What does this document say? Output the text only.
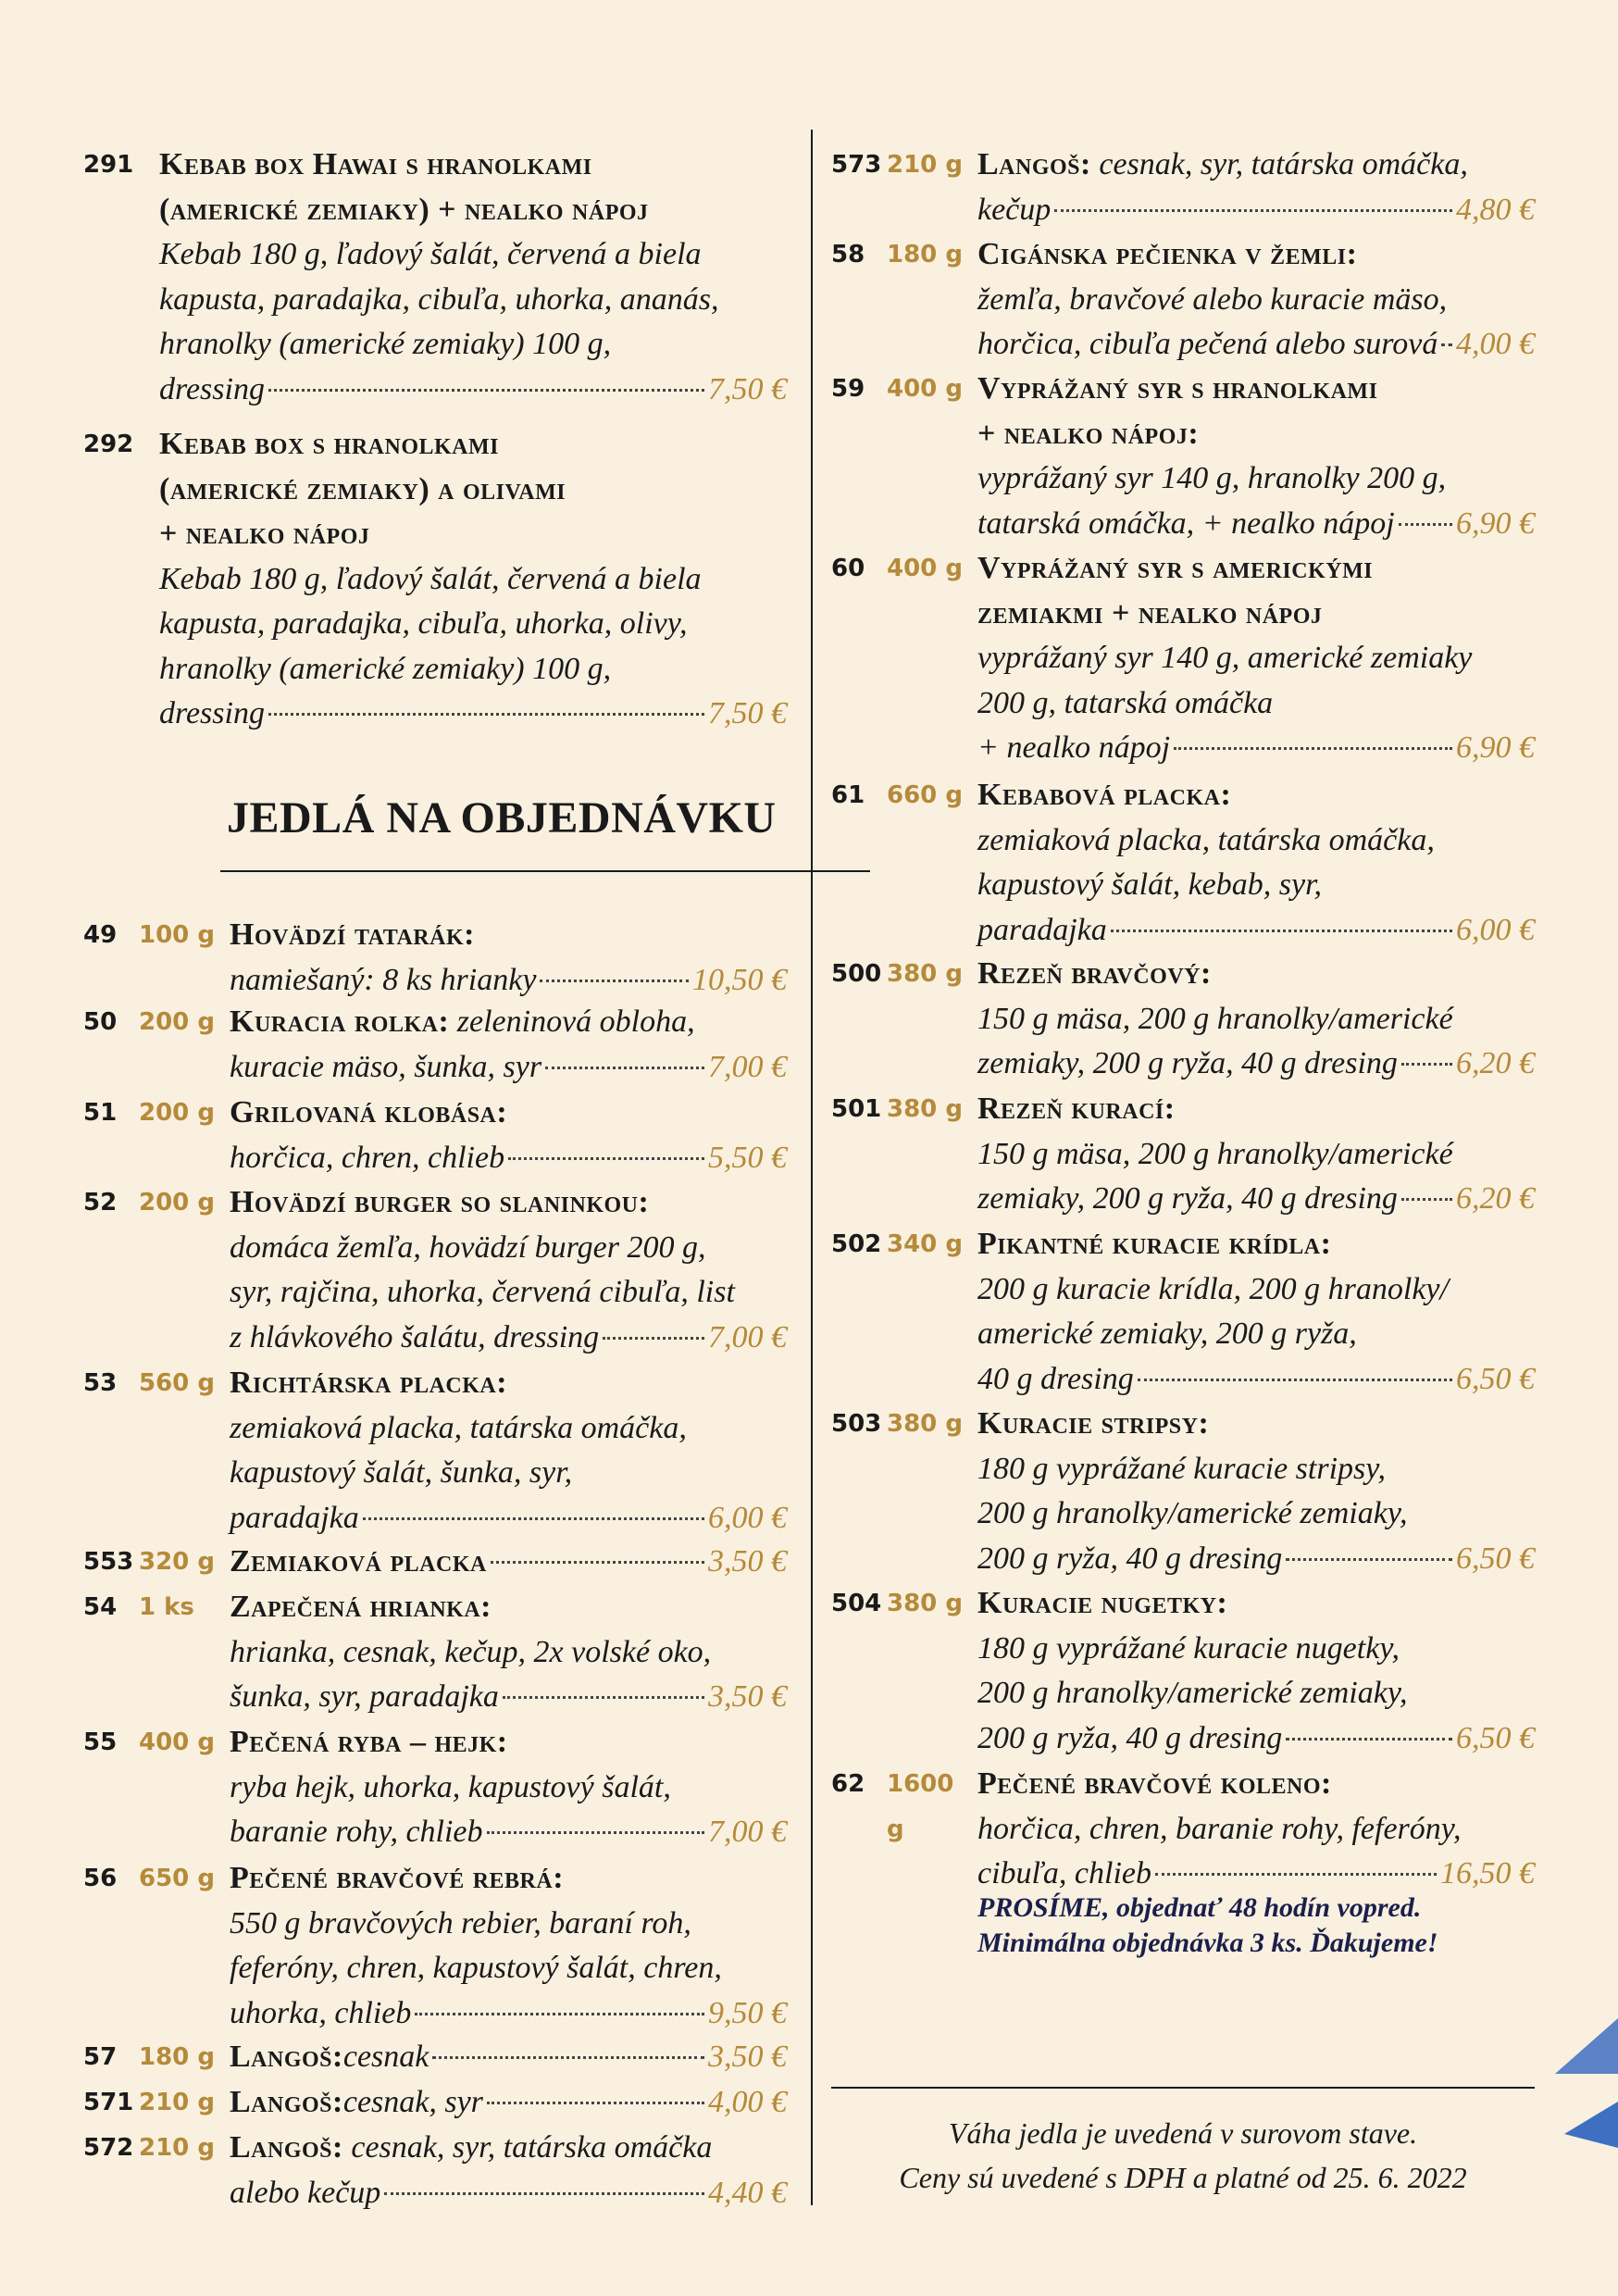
291 Kebab box Hawai s hranolkami
(americké zemiaky) + nealko nápoj
Kebab 180 g, ľadový šalát, červená a biela
kapusta, paradajka, cibuľa, uhorka, ananás,
hranolky (americké zemiaky) 100 g,
dressing	7,50 €
292 Kebab box s hranolkami
(americké zemiaky) a olivami
+ nealko nápoj
Kebab 180 g, ľadový šalát, červená a biela
kapusta, paradajka, cibuľa, uhorka, olivy,
hranolky (americké zemiaky) 100 g,
dressing	7,50 €
JEDLÁ NA OBJEDNÁVKU
49 100 g Hovädzí tatarák:
namiešaný: 8 ks hrianky	10,50 €
50 200 g Kuracia rolka: zeleninová obloha,
kuracie mäso, šunka, syr	7,00 €
51 200 g Grilovaná klobása:
horčica, chren, chlieb	5,50 €
52 200 g Hovädzí burger so slaninkou:
domáca žemľa, hovädzí burger 200 g,
syr, rajčina, uhorka, červená cibuľa, list
z hlávkového šalátu, dressing	7,00 €
53 560 g Richtárska placka:
zemiaková placka, tatárska omáčka,
kapustový šalát, šunka, syr,
paradajka	6,00 €
553 320 g Zemiaková placka	3,50 €
54 1 ks	Zapečená hrianka:
hrianka, cesnak, kečup, 2x volské oko,
šunka, syr, paradajka	3,50 €
55 400 g Pečená ryba – hejk:
ryba hejk, uhorka, kapustový šalát,
baranie rohy, chlieb	7,00 €
56 650 g Pečené bravčové rebrá:
550 g bravčových rebier, baraní roh,
feferóny, chren, kapustový šalát, chren,
uhorka, chlieb	9,50 €
57 180 g Langoš: cesnak	3,50 €
571 210 g Langoš: cesnak, syr	4,00 €
572 210 g Langoš: cesnak, syr, tatárska omáčka
alebo kečup	4,40 €
573 210 g Langoš: cesnak, syr, tatárska omáčka,
kečup	4,80 €
58 180 g Cigánska pečienka v žemli:
žemľa, bravčové alebo kuracie mäso,
horčica, cibuľa pečená alebo surová 4,00 €
59 400 g Vyprážaný syr s hranolkami
+ nealko nápoj:
vyprážaný syr 140 g, hranolky 200 g,
tatarská omáčka, + nealko nápoj 6,90 €
60 400 g Vyprážaný syr s americkými
zemiakmi + nealko nápoj
vyprážaný syr 140 g, americké zemiaky
200 g, tatarská omáčka
+ nealko nápoj	6,90 €
61 660 g Kebabová placka:
zemiaková placka, tatárska omáčka,
kapustový šalát, kebab, syr,
paradajka	6,00 €
500 380 g Rezeň bravčový:
150 g mäsa, 200 g hranolky/americké
zemiaky, 200 g ryža, 40 g dresing 6,20 €
501 380 g Rezeň kurací:
150 g mäsa, 200 g hranolky/americké
zemiaky, 200 g ryža, 40 g dresing 6,20 €
502 340 g Pikantné kuracie krídla:
200 g kuracie krídla, 200 g hranolky/
americké zemiaky, 200 g ryža,
40 g dresing	6,50 €
503 380 g Kuracie stripsy:
180 g vyprážané kuracie stripsy,
200 g hranolky/americké zemiaky,
200 g ryža, 40 g dresing	6,50 €
504 380 g Kuracie nugetky:
180 g vyprážané kuracie nugetky,
200 g hranolky/americké zemiaky,
200 g ryža, 40 g dresing	6,50 €
62 1600 g
Pečené bravčové koleno:
horčica, chren, baranie rohy, feferóny,
cibuľa, chlieb	16,50 €
PROSÍME, objednať 48 hodín vopred.
Minimálna objednávka 3 ks. Ďakujeme!
Váha jedla je uvedená v surovom stave.
Ceny sú uvedené s DPH a platné od 25. 6. 2022
